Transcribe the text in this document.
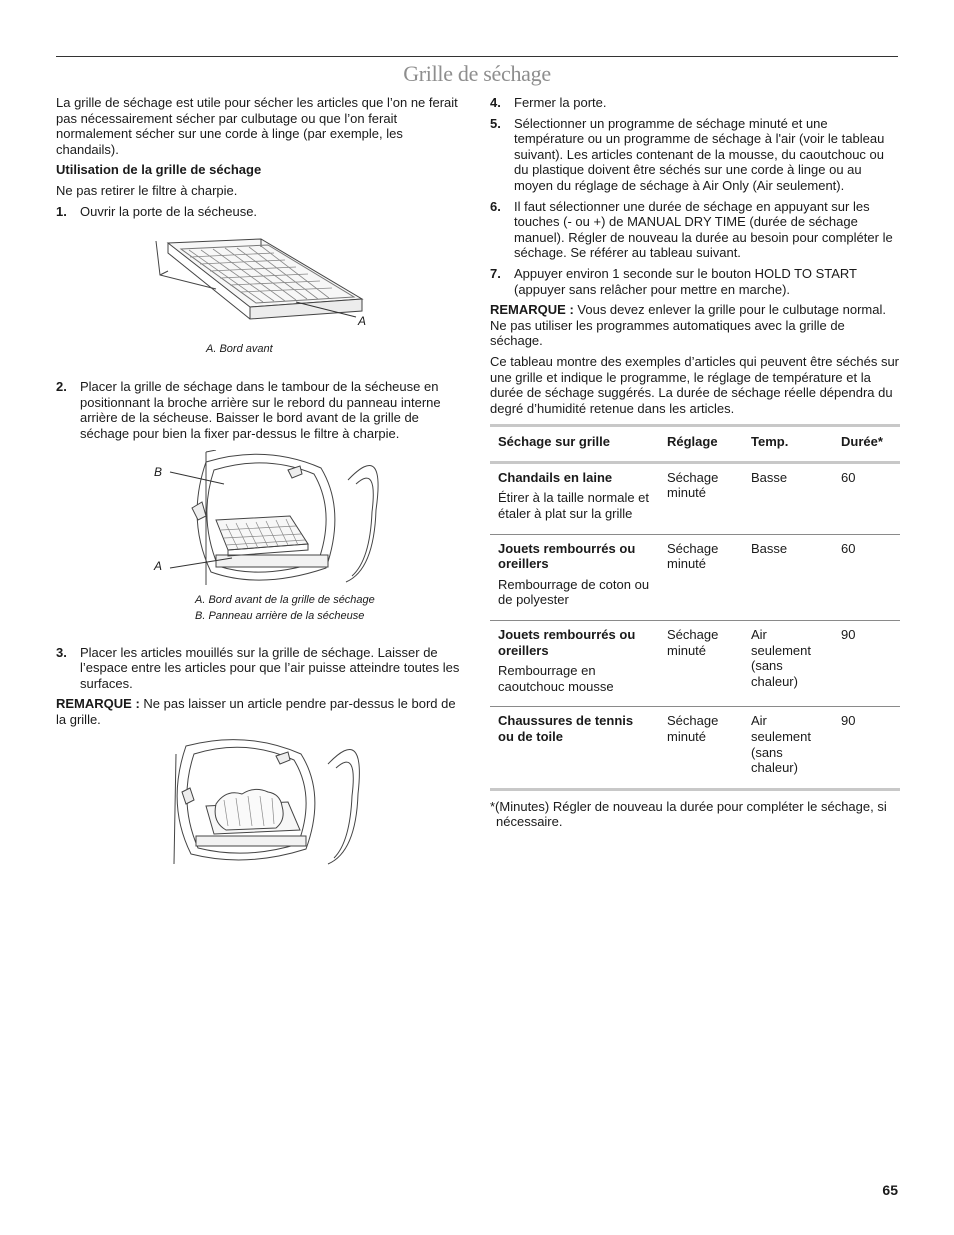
Grille de séchage

La grille de séchage est utile pour sécher les articles que l’on ne ferait pas nécessairement sécher par culbutage ou que l’on ferait normalement sécher sur une corde à linge (par exemple, les chandails).

Utilisation de la grille de séchage

Ne pas retirer le filtre à charpie.

1. Ouvrir la porte de la sécheuse.
A
A. Bord avant
2. Placer la grille de séchage dans le tambour de la sécheuse en positionnant la broche arrière sur le rebord du panneau interne arrière de la sécheuse. Baisser le bord avant de la grille de séchage pour bien la fixer par-dessus le filtre à charpie.
B
A
A. Bord avant de la grille de séchage
B. Panneau arrière de la sécheuse
3. Placer les articles mouillés sur la grille de séchage. Laisser de l’espace entre les articles pour que l’air puisse atteindre toutes les surfaces.

REMARQUE : Ne pas laisser un article pendre par-dessus le bord de la grille.

4. Fermer la porte.
5. Sélectionner un programme de séchage minuté et une température ou un programme de séchage à l'air (voir le tableau suivant). Les articles contenant de la mousse, du caoutchouc ou du plastique doivent être séchés sur une corde à linge ou au moyen du réglage de séchage à Air Only (Air seulement).
6. Il faut sélectionner une durée de séchage en appuyant sur les touches (- ou +) de MANUAL DRY TIME (durée de séchage manuel). Régler de nouveau la durée au besoin pour compléter le séchage. Se référer au tableau suivant.
7. Appuyer environ 1 seconde sur le bouton HOLD TO START (appuyer sans relâcher pour mettre en marche).

REMARQUE : Vous devez enlever la grille pour le culbutage normal. Ne pas utiliser les programmes automatiques avec la grille de séchage.

Ce tableau montre des exemples d’articles qui peuvent être séchés sur une grille et indique le programme, le réglage de température et la durée de séchage suggérés. La durée de séchage réelle dépendra du degré d’humidité retenue dans les articles.

Séchage sur grille	Réglage	Temp.	Durée*

Chandails en laine
Étirer à la taille normale et étaler à plat sur la grille	Séchage minuté	Basse	60

Jouets rembourrés ou oreillers
Rembourrage de coton ou de polyester	Séchage minuté	Basse	60

Jouets rembourrés ou oreillers
Rembourrage en caoutchouc mousse	Séchage minuté	Air seulement (sans chaleur)	90

Chaussures de tennis ou de toile	Séchage minuté	Air seulement (sans chaleur)	90

*(Minutes) Régler de nouveau la durée pour compléter le séchage, si nécessaire.

65
